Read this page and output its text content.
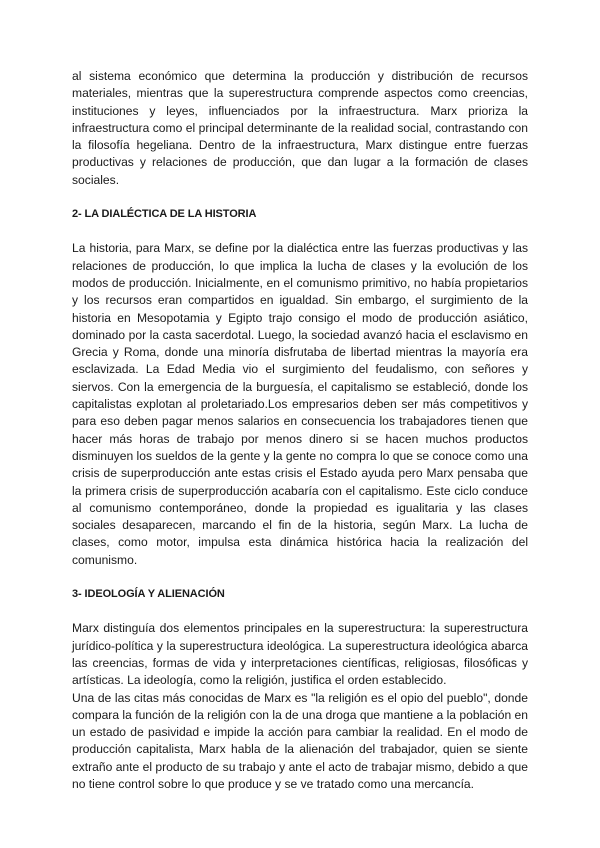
al sistema económico que determina la producción y distribución de recursos materiales, mientras que la superestructura comprende aspectos como creencias, instituciones y leyes, influenciados por la infraestructura. Marx prioriza la infraestructura como el principal determinante de la realidad social, contrastando con la filosofía hegeliana. Dentro de la infraestructura, Marx distingue entre fuerzas productivas y relaciones de producción, que dan lugar a la formación de clases sociales.

2- LA DIALÉCTICA DE LA HISTORIA

La historia, para Marx, se define por la dialéctica entre las fuerzas productivas y las relaciones de producción, lo que implica la lucha de clases y la evolución de los modos de producción. Inicialmente, en el comunismo primitivo, no había propietarios y los recursos eran compartidos en igualdad. Sin embargo, el surgimiento de la historia en Mesopotamia y Egipto trajo consigo el modo de producción asiático, dominado por la casta sacerdotal. Luego, la sociedad avanzó hacia el esclavismo en Grecia y Roma, donde una minoría disfrutaba de libertad mientras la mayoría era esclavizada. La Edad Media vio el surgimiento del feudalismo, con señores y siervos. Con la emergencia de la burguesía, el capitalismo se estableció, donde los capitalistas explotan al proletariado.Los empresarios deben ser más competitivos y para eso deben pagar menos salarios en consecuencia los trabajadores tienen que hacer más horas de trabajo por menos dinero si se hacen muchos productos disminuyen los sueldos de la gente y la gente no compra lo que se conoce como una crisis de superproducción ante estas crisis el Estado ayuda pero Marx pensaba que la primera crisis de superproducción acabaría con el capitalismo. Este ciclo conduce al comunismo contemporáneo, donde la propiedad es igualitaria y las clases sociales desaparecen, marcando el fin de la historia, según Marx. La lucha de clases, como motor, impulsa esta dinámica histórica hacia la realización del comunismo.

3- IDEOLOGÍA Y ALIENACIÓN

Marx distinguía dos elementos principales en la superestructura: la superestructura jurídico-política y la superestructura ideológica. La superestructura ideológica abarca las creencias, formas de vida y interpretaciones científicas, religiosas, filosóficas y artísticas. La ideología, como la religión, justifica el orden establecido.

Una de las citas más conocidas de Marx es "la religión es el opio del pueblo", donde compara la función de la religión con la de una droga que mantiene a la población en un estado de pasividad e impide la acción para cambiar la realidad. En el modo de producción capitalista, Marx habla de la alienación del trabajador, quien se siente extraño ante el producto de su trabajo y ante el acto de trabajar mismo, debido a que no tiene control sobre lo que produce y se ve tratado como una mercancía.
